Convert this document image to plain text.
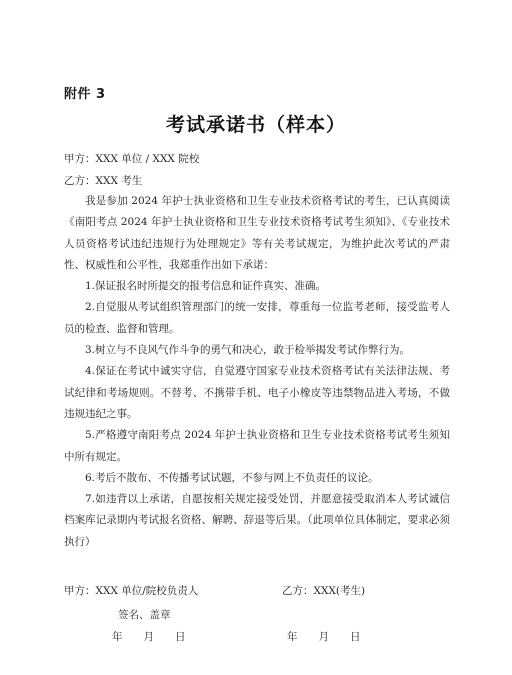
附件 3
考试承诺书（样本）
甲方：XXX 单位 / XXX 院校
乙方：XXX 考生

我是参加 2024 年护士执业资格和卫生专业技术资格考试的考生，已认真阅读《南阳考点 2024 年护士执业资格和卫生专业技术资格考试考生须知》、《专业技术人员资格考试违纪违规行为处理规定》等有关考试规定，为维护此次考试的严肃性、权威性和公平性，我郑重作出如下承诺：

1.保证报名时所提交的报考信息和证件真实、准确。

2.自觉服从考试组织管理部门的统一安排，尊重每一位监考老师，接受监考人员的检查、监督和管理。

3.树立与不良风气作斗争的勇气和决心，敢于检举揭发考试作弊行为。

4.保证在考试中诚实守信，自觉遵守国家专业技术资格考试有关法律法规、考试纪律和考场规则。不替考、不携带手机、电子小橡皮等违禁物品进入考场，不做违规违纪之事。

5.严格遵守南阳考点 2024 年护士执业资格和卫生专业技术资格考试考生须知中所有规定。

6.考后不散布、不传播考试试题，不参与网上不负责任的议论。

7.如违背以上承诺，自愿按相关规定接受处罚，并愿意接受取消本人考试诚信档案库记录期内考试报名资格、解聘、辞退等后果。（此项单位具体制定，要求必须执行）

甲方：XXX 单位/院校负责人	乙方：XXX(考生)
签名、盖章
年　　月　　日	年　　月　　日
